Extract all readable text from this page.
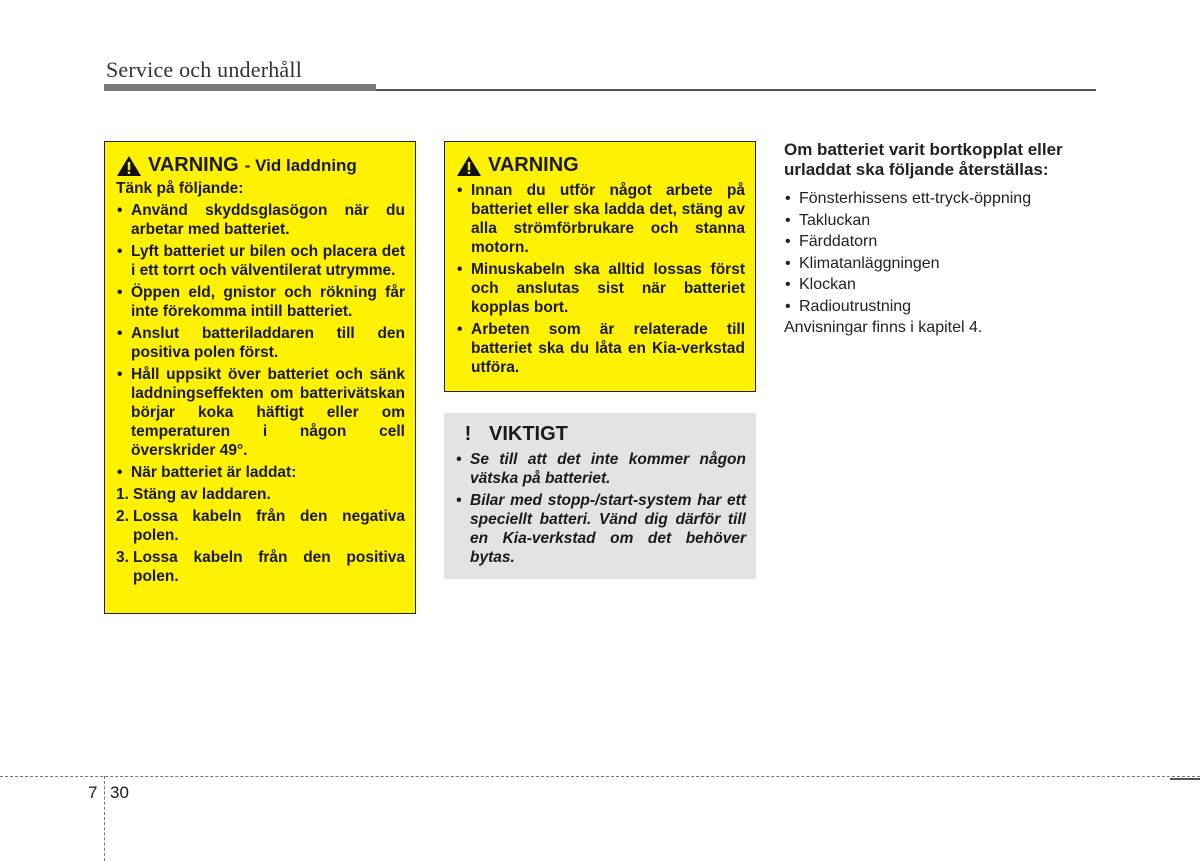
Service och underhåll
VARNING - Vid laddning
Tänk på följande:
• Använd skyddsglasögon när du arbetar med batteriet.
• Lyft batteriet ur bilen och placera det i ett torrt och välventilerat utrymme.
• Öppen eld, gnistor och rökning får inte förekomma intill batteriet.
• Anslut batteriladdaren till den positiva polen först.
• Håll uppsikt över batteriet och sänk laddningseffekten om batterivätskan börjar koka häftigt eller om temperaturen i någon cell överskrider 49°.
• När batteriet är laddat:
1. Stäng av laddaren.
2. Lossa kabeln från den negativa polen.
3. Lossa kabeln från den positiva polen.
VARNING
• Innan du utför något arbete på batteriet eller ska ladda det, stäng av alla strömförbrukare och stanna motorn.
• Minuskabeln ska alltid lossas först och anslutas sist när batteriet kopplas bort.
• Arbeten som är relaterade till batteriet ska du låta en Kia-verkstad utföra.
! VIKTIGT
• Se till att det inte kommer någon vätska på batteriet.
• Bilar med stopp-/start-system har ett speciellt batteri. Vänd dig därför till en Kia-verkstad om det behöver bytas.
Om batteriet varit bortkopplat eller urladdat ska följande återställas:
• Fönsterhissens ett-tryck-öppning
• Takluckan
• Färddatorn
• Klimatanläggningen
• Klockan
• Radioutrustning
Anvisningar finns i kapitel 4.
7 30
